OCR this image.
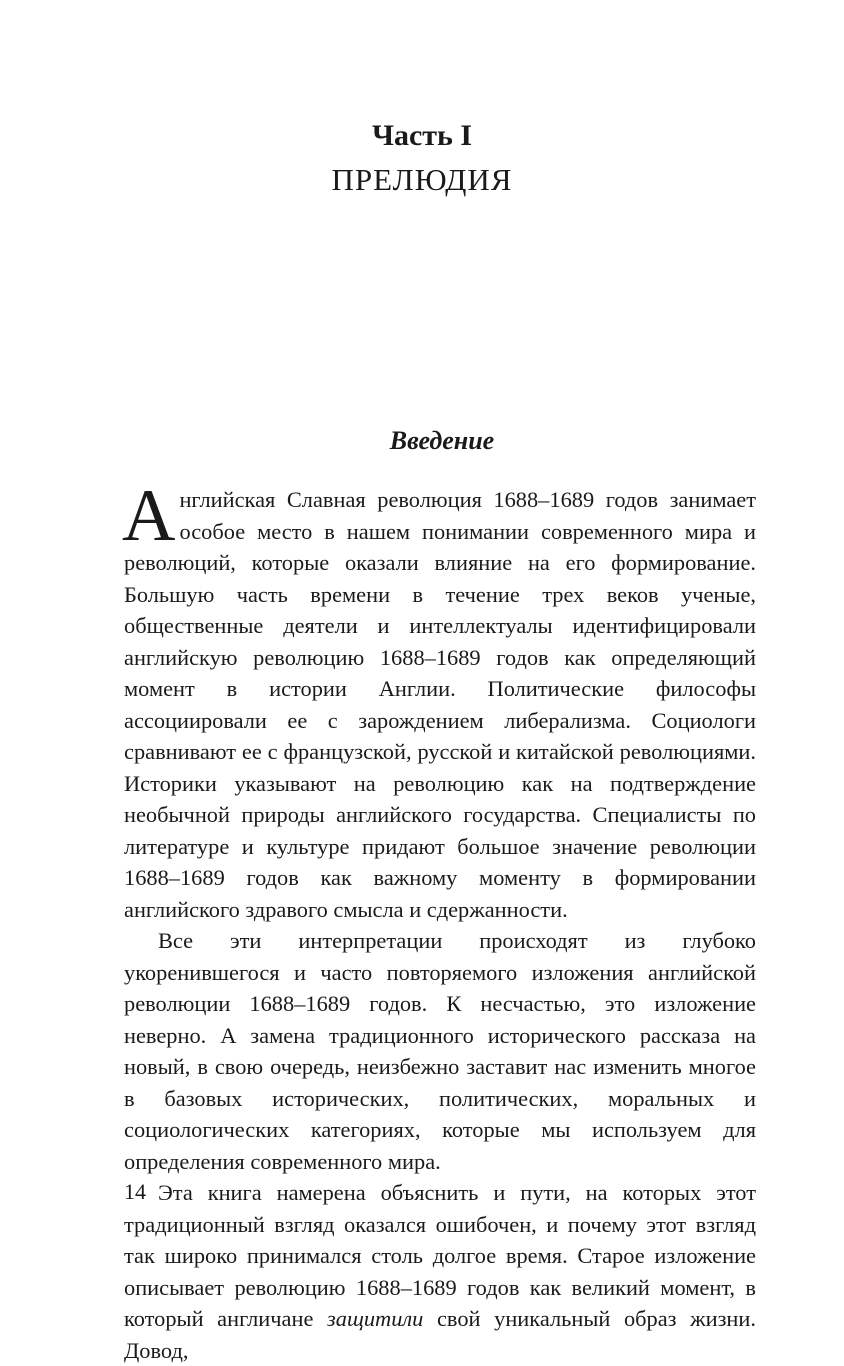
Часть I
ПРЕЛЮДИЯ
Введение

Английская Славная революция 1688–1689 годов занимает особое место в нашем понимании современного мира и революций, которые оказали влияние на его формирование. Большую часть времени в течение трех веков ученые, общественные деятели и интеллектуалы идентифицировали английскую революцию 1688–1689 годов как определяющий момент в истории Англии. Политические философы ассоциировали ее с зарождением либерализма. Социологи сравнивают ее с французской, русской и китайской революциями. Историки указывают на революцию как на подтверждение необычной природы английского государства. Специалисты по литературе и культуре придают большое значение революции 1688–1689 годов как важному моменту в формировании английского здравого смысла и сдержанности.

Все эти интерпретации происходят из глубоко укоренившегося и часто повторяемого изложения английской революции 1688–1689 годов. К несчастью, это изложение неверно. А замена традиционного исторического рассказа на новый, в свою очередь, неизбежно заставит нас изменить многое в базовых исторических, политических, моральных и социологических категориях, которые мы используем для определения современного мира.

Эта книга намерена объяснить и пути, на которых этот традиционный взгляд оказался ошибочен, и почему этот взгляд так широко принимался столь долгое время. Старое изложение описывает революцию 1688–1689 годов как великий момент, в который англичане защитили свой уникальный образ жизни. Довод,

14
